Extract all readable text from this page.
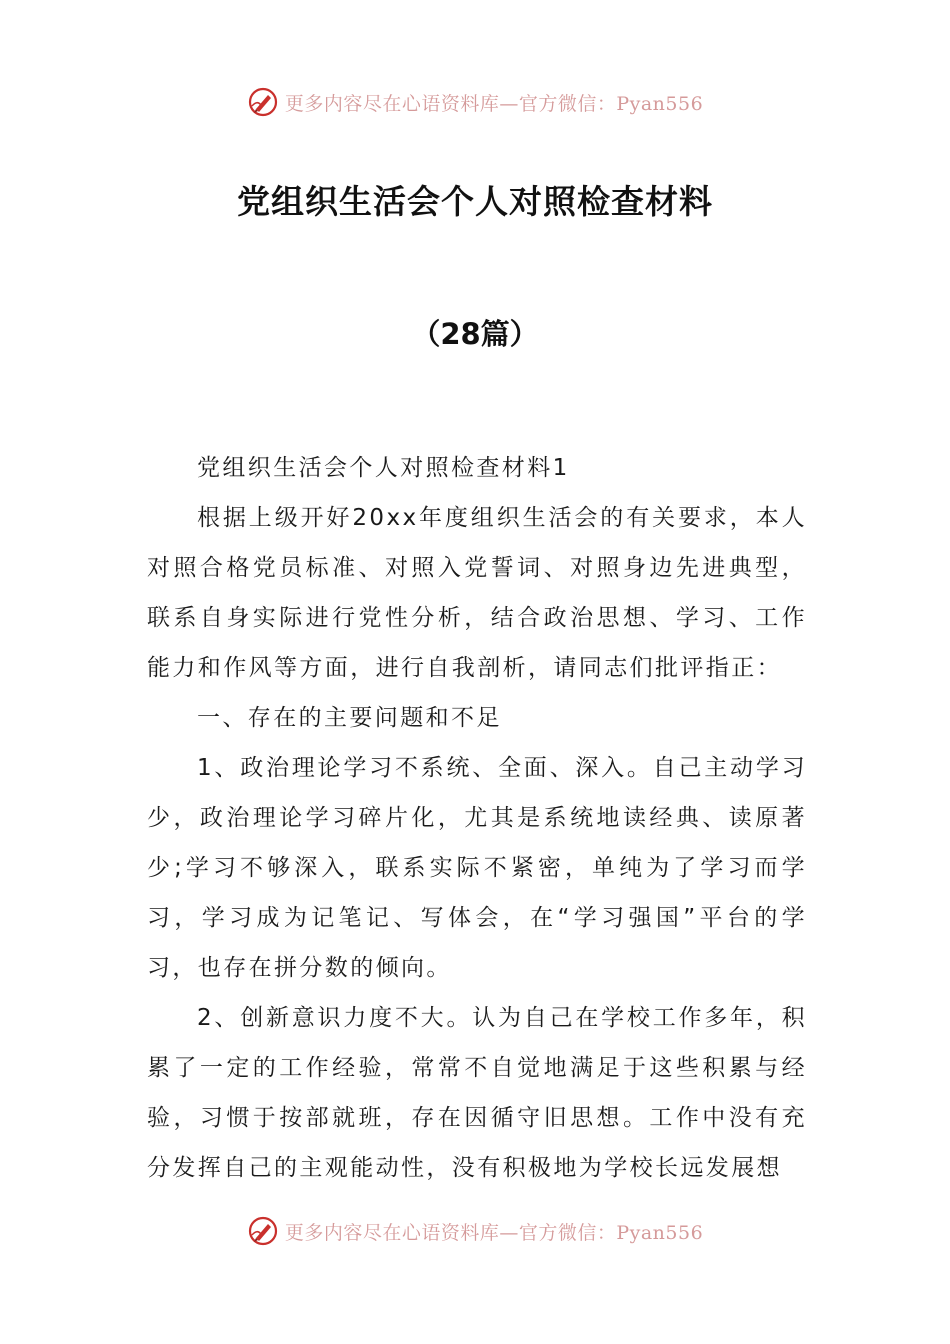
更多内容尽在心语资料库—官方微信：Pyan556
党组织生活会个人对照检查材料
（28篇）

党组织生活会个人对照检查材料1

根据上级开好20xx年度组织生活会的有关要求，本人对照合格党员标准、对照入党誓词、对照身边先进典型，联系自身实际进行党性分析，结合政治思想、学习、工作能力和作风等方面，进行自我剖析，请同志们批评指正：

一、存在的主要问题和不足

1、政治理论学习不系统、全面、深入。自己主动学习少，政治理论学习碎片化，尤其是系统地读经典、读原著少;学习不够深入，联系实际不紧密，单纯为了学习而学习，学习成为记笔记、写体会，在“学习强国”平台的学习，也存在拼分数的倾向。

2、创新意识力度不大。认为自己在学校工作多年，积累了一定的工作经验，常常不自觉地满足于这些积累与经验，习惯于按部就班，存在因循守旧思想。工作中没有充分发挥自己的主观能动性，没有积极地为学校长远发展想

更多内容尽在心语资料库—官方微信：Pyan556
